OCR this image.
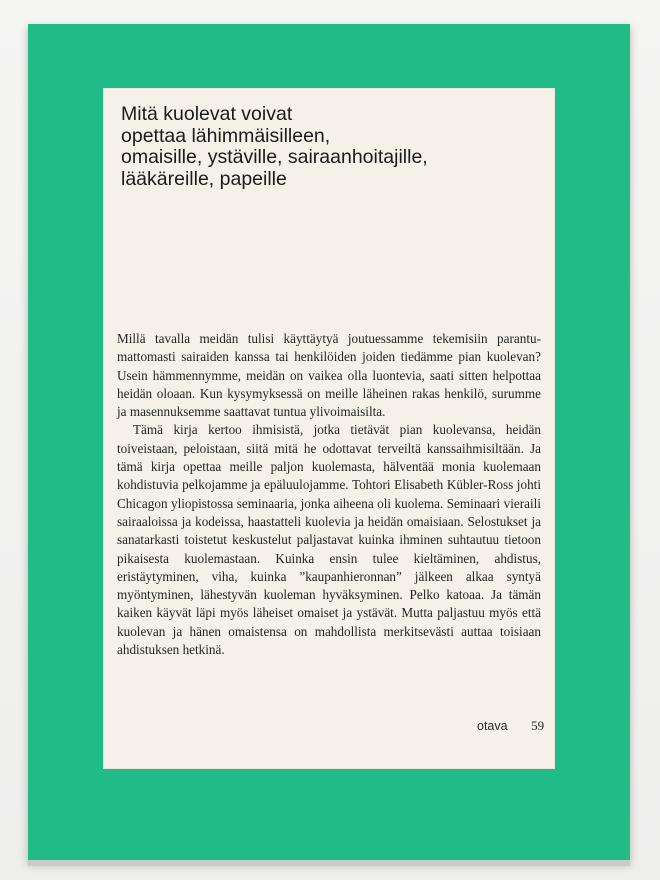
Mitä kuolevat voivat
opettaa lähimmäisilleen,
omaisille, ystäville, sairaanhoitajille,
lääkäreille, papeille

Millä tavalla meidän tulisi käyttäytyä joutuessamme tekemisiin parantumattomasti sairaiden kanssa tai henkilöiden joiden tiedämme pian kuolevan? Usein hämmennymme, meidän on vaikea olla luontevia, saati sitten helpottaa heidän oloaan. Kun kysymyksessä on meille läheinen rakas henkilö, surumme ja masennuksemme saattavat tuntua ylivoimaisilta.

Tämä kirja kertoo ihmisistä, jotka tietävät pian kuolevansa, heidän toiveistaan, peloistaan, siitä mitä he odottavat terveiltä kanssaihmisiltään. Ja tämä kirja opettaa meille paljon kuolemasta, hälventää monia kuolemaan kohdistuvia pelkojamme ja epäluulojamme. Tohtori Elisabeth Kübler-Ross johti Chicagon yliopistossa seminaaria, jonka aiheena oli kuolema. Seminaari vieraili sairaaloissa ja kodeissa, haastatteli kuolevia ja heidän omaisiaan. Selostukset ja sanatarkasti toistetut keskustelut paljastavat kuinka ihminen suhtautuu tietoon pikaisesta kuolemastaan. Kuinka ensin tulee kieltäminen, ahdistus, eristäytyminen, viha, kuinka ”kaupanhieronnan” jälkeen alkaa syntyä myöntyminen, lähestyvän kuoleman hyväksyminen. Pelko katoaa. Ja tämän kaiken käyvät läpi myös läheiset omaiset ja ystävät. Mutta paljastuu myös että kuolevan ja hänen omaistensa on mahdollista merkitsevästi auttaa toisiaan ahdistuksen hetkinä.

otava 59
